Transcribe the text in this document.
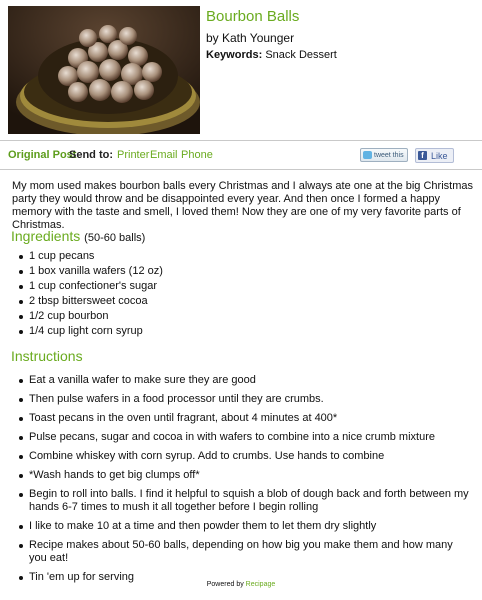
Bourbon Balls
by Kath Younger
Keywords: Snack Dessert
Original Post
Send to: Printer Email Phone	tweet this	f Like

My mom used makes bourbon balls every Christmas and I always ate one at the big Christmas party they would throw and be disappointed every year. And then once I formed a happy memory with the taste and smell, I loved them! Now they are one of my very favorite parts of Christmas.

Ingredients (50-60 balls)
1 cup pecans
1 box vanilla wafers (12 oz)
1 cup confectioner's sugar
2 tbsp bittersweet cocoa
1/2 cup bourbon
1/4 cup light corn syrup
Instructions
Eat a vanilla wafer to make sure they are good
Then pulse wafers in a food processor until they are crumbs.
Toast pecans in the oven until fragrant, about 4 minutes at 400*
Pulse pecans, sugar and cocoa in with wafers to combine into a nice crumb mixture
Combine whiskey with corn syrup. Add to crumbs. Use hands to combine
*Wash hands to get big clumps off*
Begin to roll into balls. I find it helpful to squish a blob of dough back and forth between my hands 6-7 times to mush it all together before I begin rolling
I like to make 10 at a time and then powder them to let them dry slightly
Recipe makes about 50-60 balls, depending on how big you make them and how many you eat!
Tin 'em up for serving
Powered by Recipage
